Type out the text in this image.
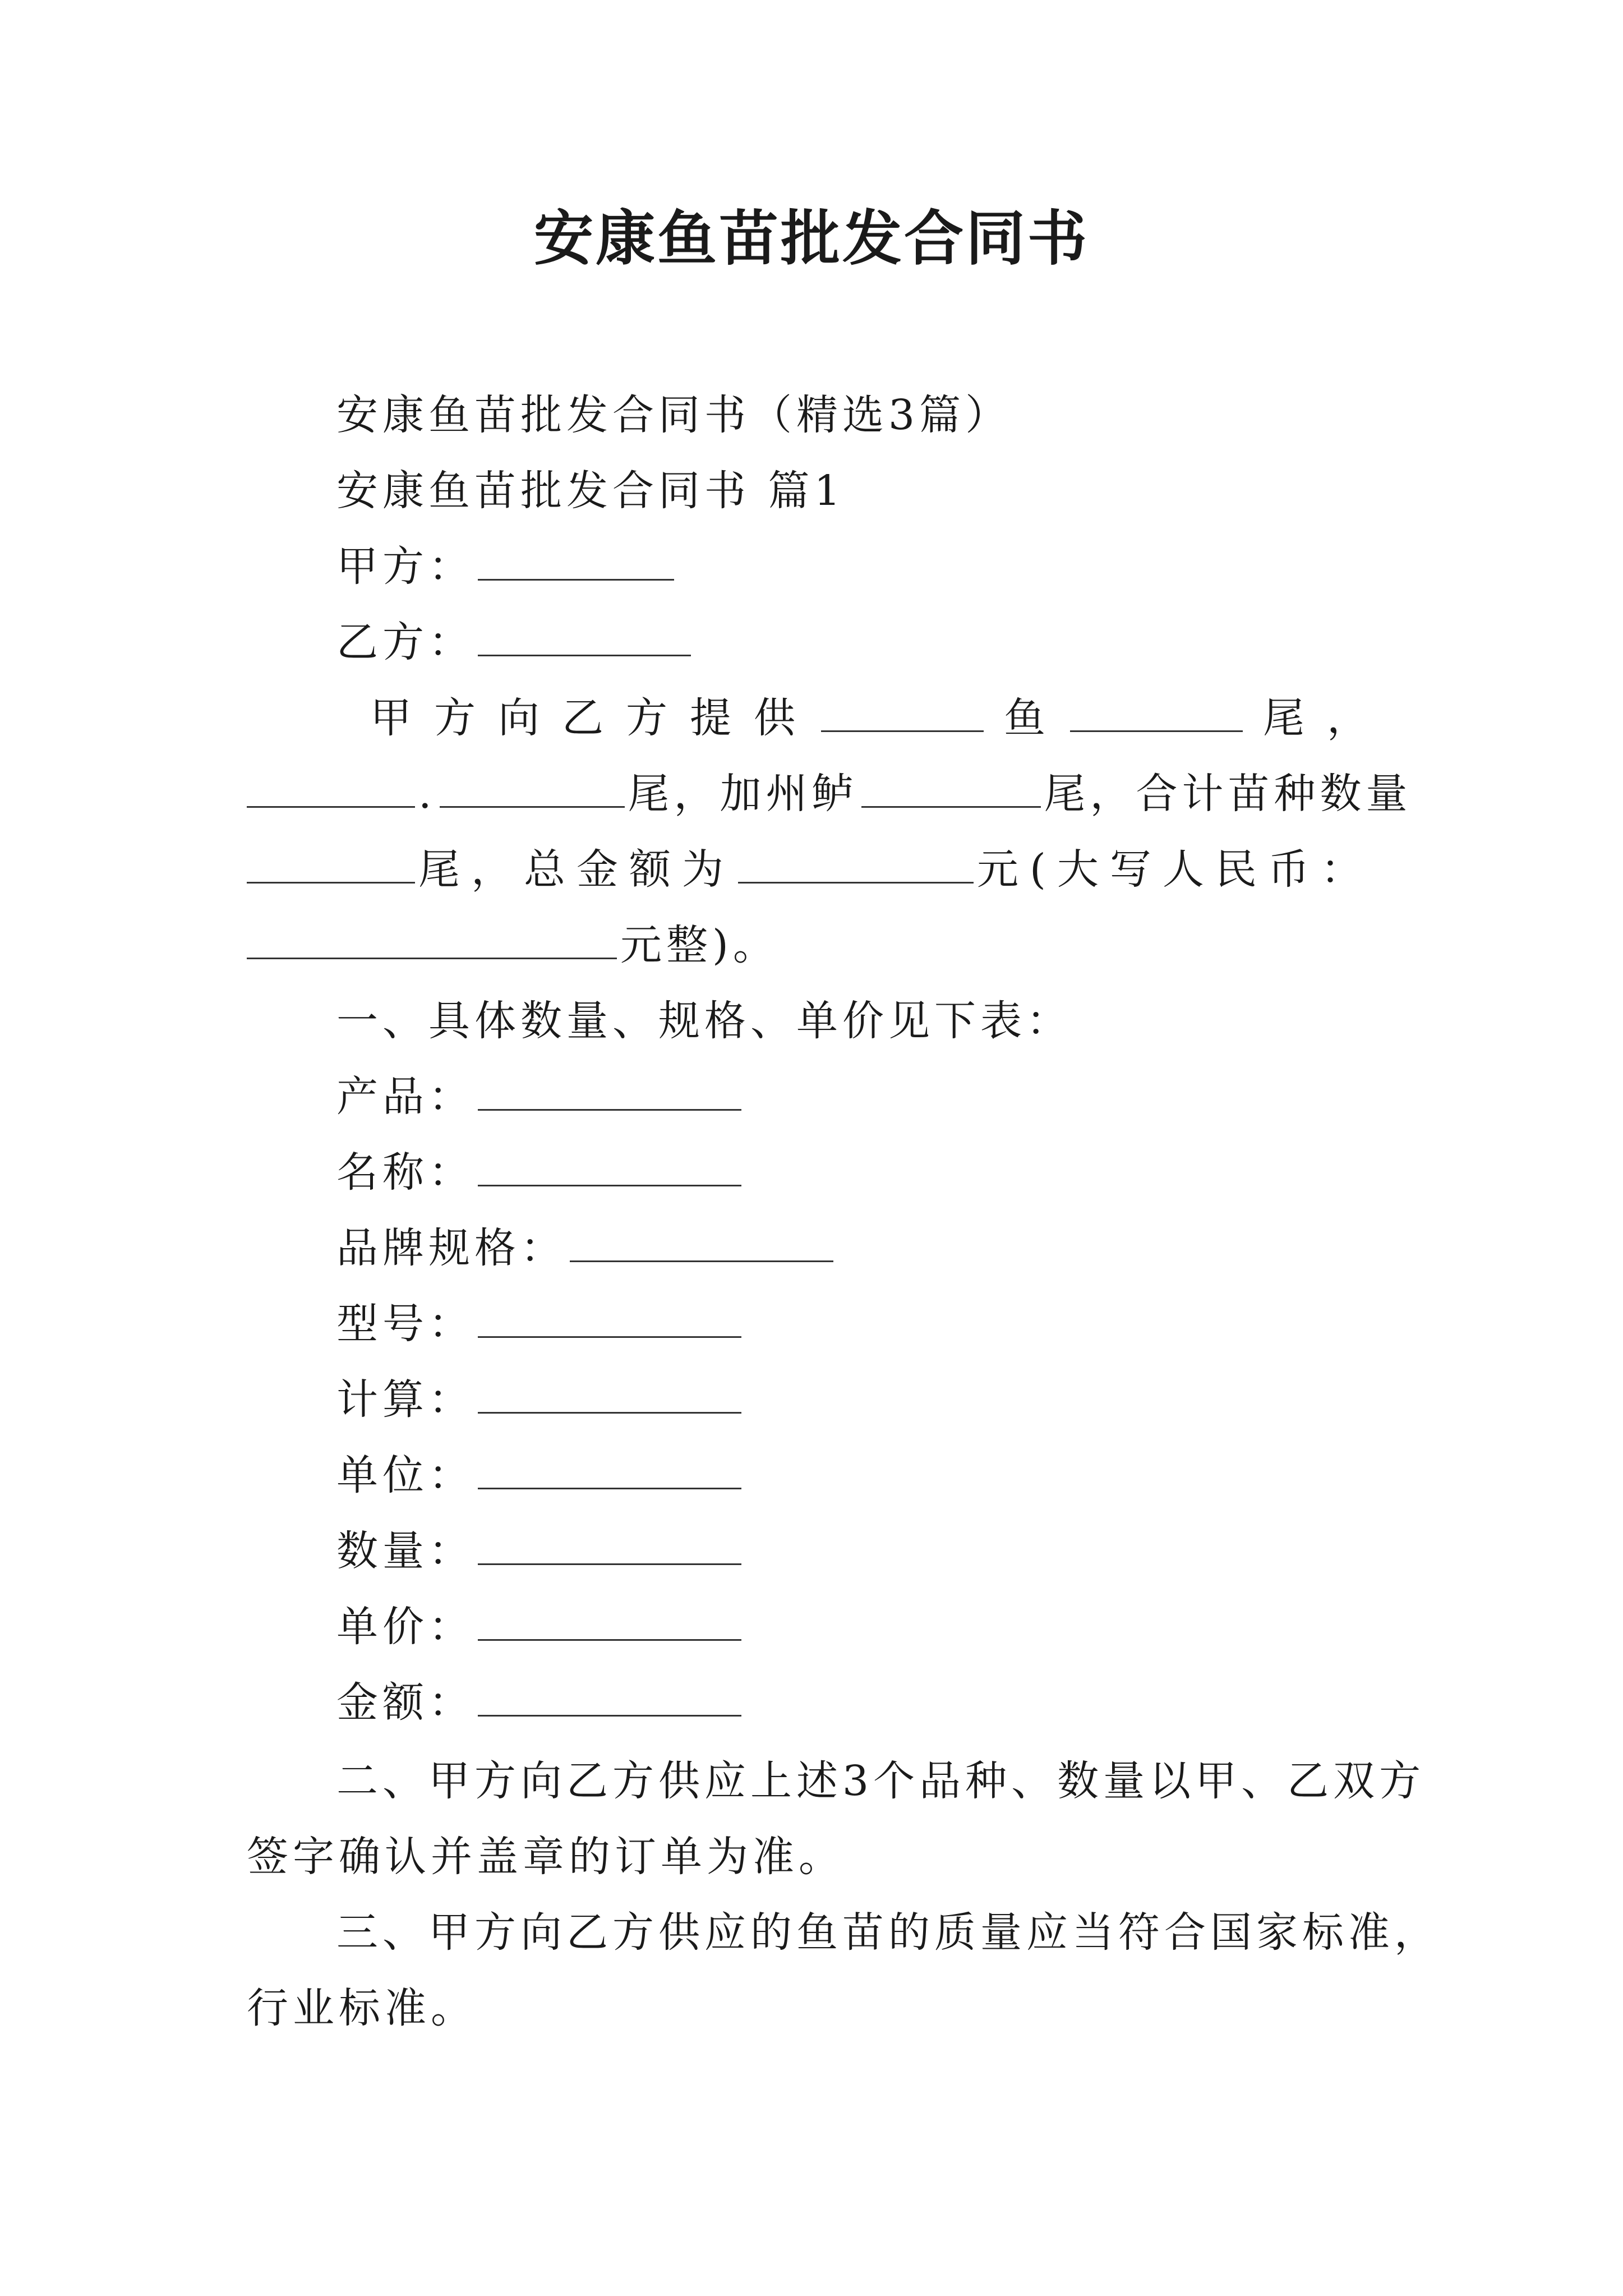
安康鱼苗批发合同书
安康鱼苗批发合同书（精选3篇）
安康鱼苗批发合同书 篇1
甲方：
乙方：
甲方向乙方提供	鱼	尾，
.	尾，加州鲈	尾，合计苗种数量
尾，总金额为	元(大写人民币：
元整)。
一、具体数量、规格、单价见下表：
产品：
名称：
品牌规格：
型号：
计算：
单位：
数量：
单价：
金额：
二、甲方向乙方供应上述3个品种、数量以甲、乙双方
签字确认并盖章的订单为准。
三、甲方向乙方供应的鱼苗的质量应当符合国家标准，
行业标准。
